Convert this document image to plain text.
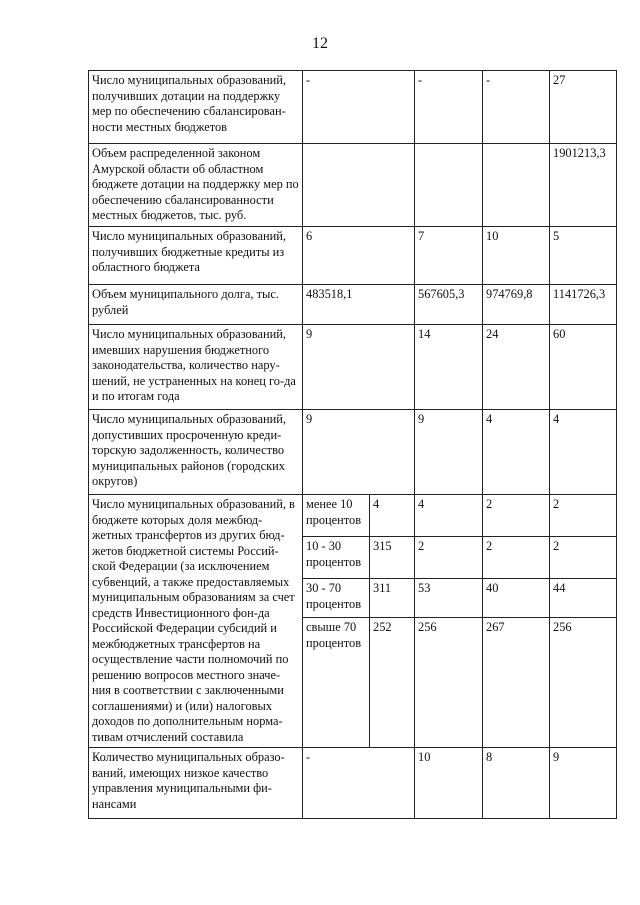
12
Число муниципальных образований, получивших дотации на поддержку мер по обеспечению сбалансирован-ности местных бюджетов	-		-	-	27
Объем распределенной законом Амурской области об областном бюджете дотации на поддержку мер по обеспечению сбалансированности местных бюджетов, тыс. руб.					1901213,3
Число муниципальных образований, получивших бюджетные кредиты из областного бюджета	6		7	10	5
Объем муниципального долга, тыс. рублей	483518,1		567605,3	974769,8	1141726,3
Число муниципальных образований, имевших нарушения бюджетного законодательства, количество нару-шений, не устраненных на конец го-да и по итогам года	9		14	24	60
Число муниципальных образований, допустивших просроченную креди-торскую задолженность, количество муниципальных районов (городских округов)	9		9	4	4
Число муниципальных образований, в бюджете которых доля межбюд-жетных трансфертов из других бюд-жетов бюджетной системы Россий-ской Федерации (за исключением субвенций, а также предоставляемых муниципальным образованиям за счет средств Инвестиционного фон-да Российской Федерации субсидий и межбюджетных трансфертов на осуществление части полномочий по решению вопросов местного значе-ния в соответствии с заключенными соглашениями) и (или) налоговых доходов по дополнительным норма-тивам отчислений составила	менее 10 процентов	4	4	2	2
	10 - 30 процентов	315	2	2	2
	30 - 70 процентов	311	53	40	44
	свыше 70 процентов	252	256	267	256
Количество муниципальных образо-ваний, имеющих низкое качество управления муниципальными фи-нансами	-		10	8	9
